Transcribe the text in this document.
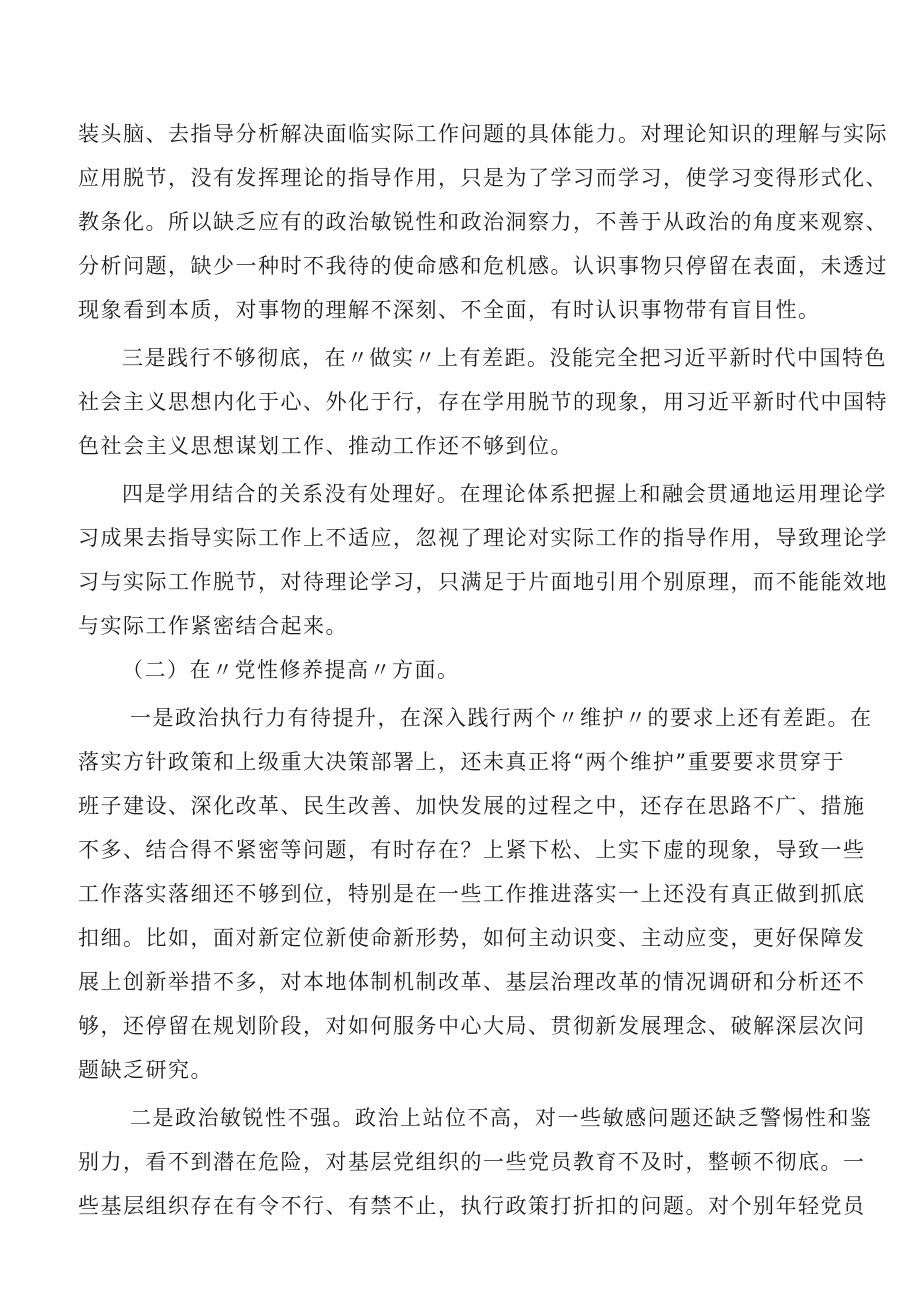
装头脑、去指导分析解决面临实际工作问题的具体能力。对理论知识的理解与实际
应用脱节，没有发挥理论的指导作用，只是为了学习而学习，使学习变得形式化、
教条化。所以缺乏应有的政治敏锐性和政治洞察力，不善于从政治的角度来观察、
分析问题，缺少一种时不我待的使命感和危机感。认识事物只停留在表面，未透过
现象看到本质，对事物的理解不深刻、不全面，有时认识事物带有盲目性。
三是践行不够彻底，在〃做实〃上有差距。没能完全把习近平新时代中国特色
社会主义思想内化于心、外化于行，存在学用脱节的现象，用习近平新时代中国特
色社会主义思想谋划工作、推动工作还不够到位。
四是学用结合的关系没有处理好。在理论体系把握上和融会贯通地运用理论学
习成果去指导实际工作上不适应，忽视了理论对实际工作的指导作用，导致理论学
习与实际工作脱节，对待理论学习，只满足于片面地引用个别原理，而不能能效地
与实际工作紧密结合起来。
（二）在〃党性修养提高〃方面。
一是政治执行力有待提升，在深入践行两个〃维护〃的要求上还有差距。在
落实方针政策和上级重大决策部署上，还未真正将“两个维护”重要要求贯穿于
班子建设、深化改革、民生改善、加快发展的过程之中，还存在思路不广、措施
不多、结合得不紧密等问题，有时存在？上紧下松、上实下虚的现象，导致一些
工作落实落细还不够到位，特别是在一些工作推进落实一上还没有真正做到抓底
扣细。比如，面对新定位新使命新形势，如何主动识变、主动应变，更好保障发
展上创新举措不多，对本地体制机制改革、基层治理改革的情况调研和分析还不
够，还停留在规划阶段，对如何服务中心大局、贯彻新发展理念、破解深层次问
题缺乏研究。
二是政治敏锐性不强。政治上站位不高，对一些敏感问题还缺乏警惕性和鉴
别力，看不到潜在危险，对基层党组织的一些党员教育不及时，整顿不彻底。一
些基层组织存在有令不行、有禁不止，执行政策打折扣的问题。对个别年轻党员
